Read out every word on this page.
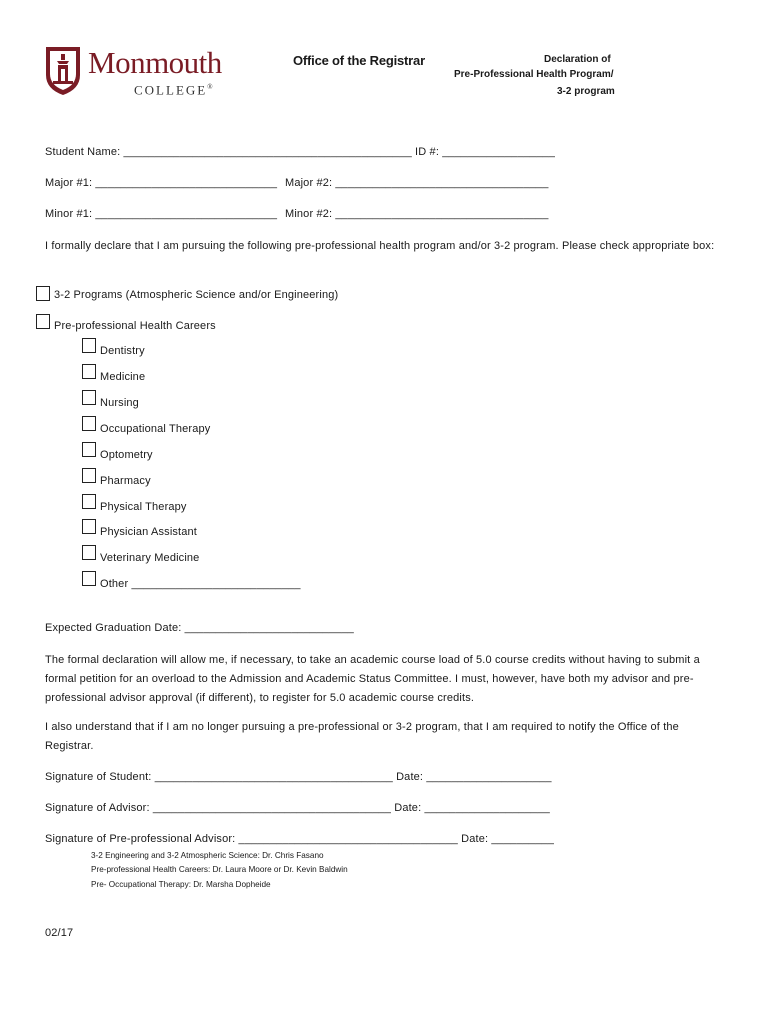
Monmouth
COLLEGE®
Office of the Registrar	Declaration of
Pre-Professional Health Program/
3-2 program
Student Name: ______________________________________________ ID #: __________________
Major #1: _____________________________ Major #2: __________________________________
Minor #1: _____________________________ Minor #2: __________________________________
I formally declare that I am pursuing the following pre-professional health program and/or 3-2 program. Please check appropriate box:
3-2 Programs (Atmospheric Science and/or Engineering)
Pre-professional Health Careers
Dentistry
Medicine
Nursing
Occupational Therapy
Optometry
Pharmacy
Physical Therapy
Physician Assistant
Veterinary Medicine
Other ___________________________
Expected Graduation Date: ___________________________
The formal declaration will allow me, if necessary, to take an academic course load of 5.0 course credits without having to submit a formal petition for an overload to the Admission and Academic Status Committee. I must, however, have both my advisor and pre-professional advisor approval (if different), to register for 5.0 academic course credits.
I also understand that if I am no longer pursuing a pre-professional or 3-2 program, that I am required to notify the Office of the Registrar.
Signature of Student: ______________________________________ Date: ____________________
Signature of Advisor: ______________________________________ Date: ____________________
Signature of Pre-professional Advisor: ___________________________________ Date: __________
3-2 Engineering and 3-2 Atmospheric Science: Dr. Chris Fasano
Pre-professional Health Careers: Dr. Laura Moore or Dr. Kevin Baldwin
Pre- Occupational Therapy: Dr. Marsha Dopheide
02/17
